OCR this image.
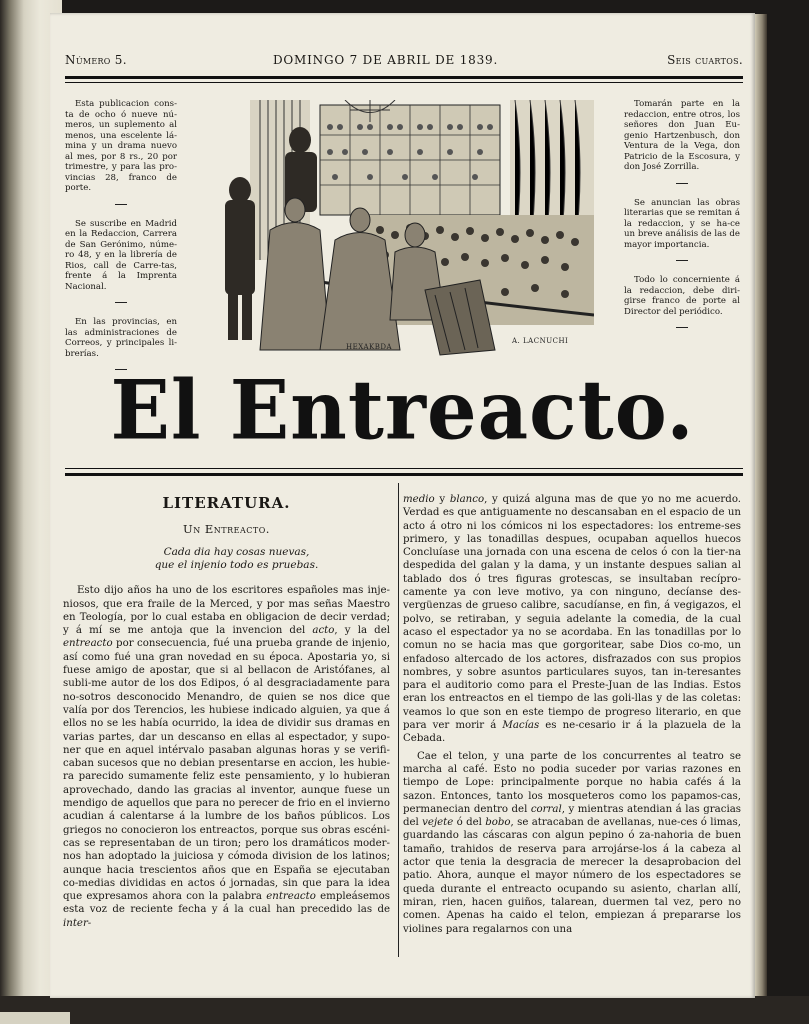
Número 5.	DOMINGO 7 DE ABRIL DE 1839.	Seis cuartos.

Esta publicacion cons-ta de ocho ó nueve nú-meros, un suplemento al menos, una escelente lá-mina y un drama nuevo al mes, por 8 rs., 20 por trimestre, y para las pro-vincias 28, franco de porte.

Se suscribe en Madrid en la Redaccion, Carrera de San Gerónimo, núme-ro 48, y en la librería de Rios, call de Carre-tas, frente á la Imprenta Nacional.

En las provincias, en las administraciones de Correos, y principales li-brerías.

Tomarán parte en la redaccion, entre otros, los señores don Juan Eu-genio Hartzenbusch, don Ventura de la Vega, don Patricio de la Escosura, y don José Zorrilla.

Se anuncian las obras literarias que se remitan á la redaccion, y se ha-ce un breve análisis de las de mayor importancia.

Todo lo concerniente á la redaccion, debe diri-girse franco de porte al Director del periódico.

HEXAKBDA
A. LACNUCHI
El Entreacto.
LITERATURA.
Un Entreacto.
Cada dia hay cosas nuevas,
que el injenio todo es pruebas.

Esto dijo años ha uno de los escritores españoles mas inje-niosos, que era fraile de la Merced, y por mas señas Maestro en Teología, por lo cual estaba en obligacion de decir verdad; y á mí se me antoja que la invencion del acto, y la del entreacto por consecuencia, fué una prueba grande de injenio, así como fué una gran novedad en su época. Apostaria yo, si fuese amigo de apostar, que si al bellacon de Aristófanes, al subli-me autor de los dos Edipos, ó al desgraciadamente para no-sotros desconocido Menandro, de quien se nos dice que valía por dos Terencios, les hubiese indicado alguien, ya que á ellos no se les había ocurrido, la idea de dividir sus dramas en varias partes, dar un descanso en ellas al espectador, y supo-ner que en aquel intérvalo pasaban algunas horas y se verifi-caban sucesos que no debian presentarse en accion, les hubie-ra parecido sumamente feliz este pensamiento, y lo hubieran aprovechado, dando las gracias al inventor, aunque fuese un mendigo de aquellos que para no perecer de frio en el invierno acudian á calentarse á la lumbre de los baños públicos. Los griegos no conocieron los entreactos, porque sus obras escéni-cas se representaban de un tiron; pero los dramáticos moder-nos han adoptado la juiciosa y cómoda division de los latinos; aunque hacia trescientos años que en España se ejecutaban co-medias divididas en actos ó jornadas, sin que para la idea que expresamos ahora con la palabra entreacto empleásemos esta voz de reciente fecha y á la cual han precedido las de inter-

medio y blanco, y quizá alguna mas de que yo no me acuerdo. Verdad es que antiguamente no descansaban en el espacio de un acto á otro ni los cómicos ni los espectadores: los entreme-ses primero, y las tonadillas despues, ocupaban aquellos huecos Concluíase una jornada con una escena de celos ó con la tier-na despedida del galan y la dama, y un instante despues salian al tablado dos ó tres figuras grotescas, se insultaban recípro-camente ya con leve motivo, ya con ninguno, decíanse des-vergüenzas de grueso calibre, sacudíanse, en fin, á vegigazos, el polvo, se retiraban, y seguia adelante la comedia, de la cual acaso el espectador ya no se acordaba. En las tonadillas por lo comun no se hacia mas que gorgoritear, sabe Dios co-mo, un enfadoso altercado de los actores, disfrazados con sus propios nombres, y sobre asuntos particulares suyos, tan in-teresantes para el auditorio como para el Preste-Juan de las Indias. Estos eran los entreactos en el tiempo de las goli-llas y de las coletas: veamos lo que son en este tiempo de progreso literario, en que para ver morir á Macías es ne-cesario ir á la plazuela de la Cebada.

Cae el telon, y una parte de los concurrentes al teatro se marcha al café. Esto no podia suceder por varias razones en tiempo de Lope: principalmente porque no habia cafés á la sazon. Entonces, tanto los mosqueteros como los papamos-cas, permanecian dentro del corral, y mientras atendian á las gracias del vejete ó del bobo, se atracaban de avellanas, nue-ces ó limas, guardando las cáscaras con algun pepino ó za-nahoria de buen tamaño, trahidos de reserva para arrojárse-los á la cabeza al actor que tenia la desgracia de merecer la desaprobacion del patio. Ahora, aunque el mayor número de los espectadores se queda durante el entreacto ocupando su asiento, charlan allí, miran, rien, hacen guiños, talarean, duermen tal vez, pero no comen. Apenas ha caido el telon, empiezan á prepararse los violines para regalarnos con una
